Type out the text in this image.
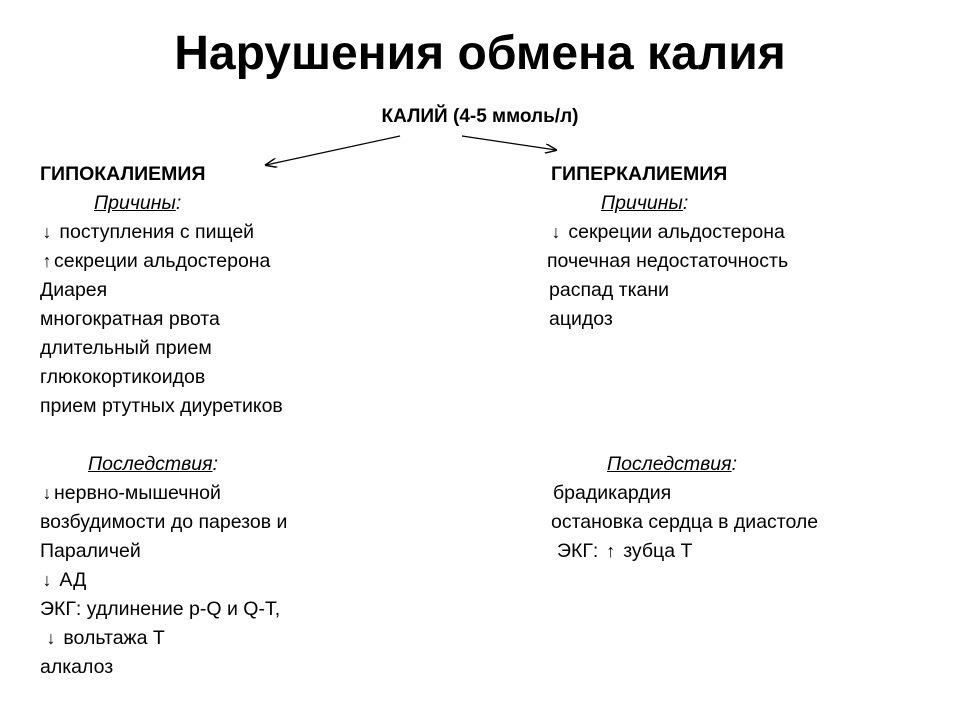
Нарушения обмена калия
КАЛИЙ (4-5 ммоль/л)
ГИПОКАЛИЕМИЯ
Причины:
↓ поступления с пищей
↑ секреции альдостерона
Диарея
многократная рвота
длительный прием
глюкокортикоидов
прием ртутных диуретиков
Последствия:
↓ нервно-мышечной
возбудимости до парезов и
Параличей
↓ АД
ЭКГ: удлинение p-Q и Q-T,
↓ вольтажа Т
алкалоз
ГИПЕРКАЛИЕМИЯ
Причины:
↓ секреции альдостерона
почечная недостаточность
распад ткани
ацидоз
Последствия:
брадикардия
остановка сердца в диастоле
ЭКГ: ↑ зубца Т
